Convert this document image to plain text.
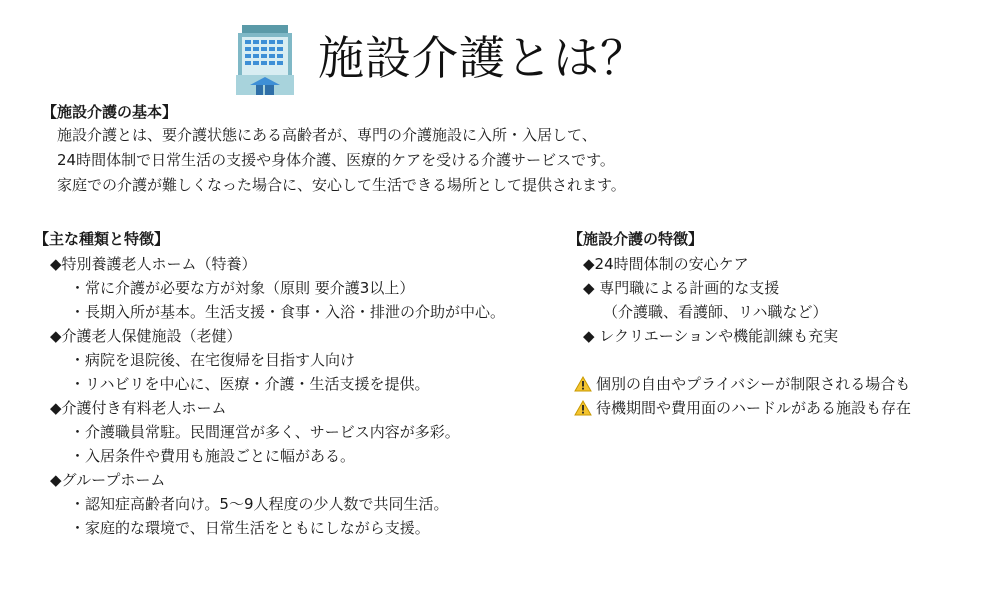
施設介護とは？
【施設介護の基本】
施設介護とは、要介護状態にある高齢者が、専門の介護施設に入所・入居して、
24時間体制で日常生活の支援や身体介護、医療的ケアを受ける介護サービスです。
家庭での介護が難しくなった場合に、安心して生活できる場所として提供されます。
【主な種類と特徴】
◆特別養護老人ホーム（特養）
・常に介護が必要な方が対象（原則 要介護3以上）
・長期入所が基本。生活支援・食事・入浴・排泄の介助が中心。
◆介護老人保健施設（老健）
・病院を退院後、在宅復帰を目指す人向け
・リハビリを中心に、医療・介護・生活支援を提供。
◆介護付き有料老人ホーム
・介護職員常駐。民間運営が多く、サービス内容が多彩。
・入居条件や費用も施設ごとに幅がある。
◆グループホーム
・認知症高齢者向け。5～9人程度の少人数で共同生活。
・家庭的な環境で、日常生活をともにしながら支援。
【施設介護の特徴】
◆24時間体制の安心ケア
◆ 専門職による計画的な支援
（介護職、看護師、リハ職など）
◆ レクリエーションや機能訓練も充実
個別の自由やプライバシーが制限される場合も
待機期間や費用面のハードルがある施設も存在
